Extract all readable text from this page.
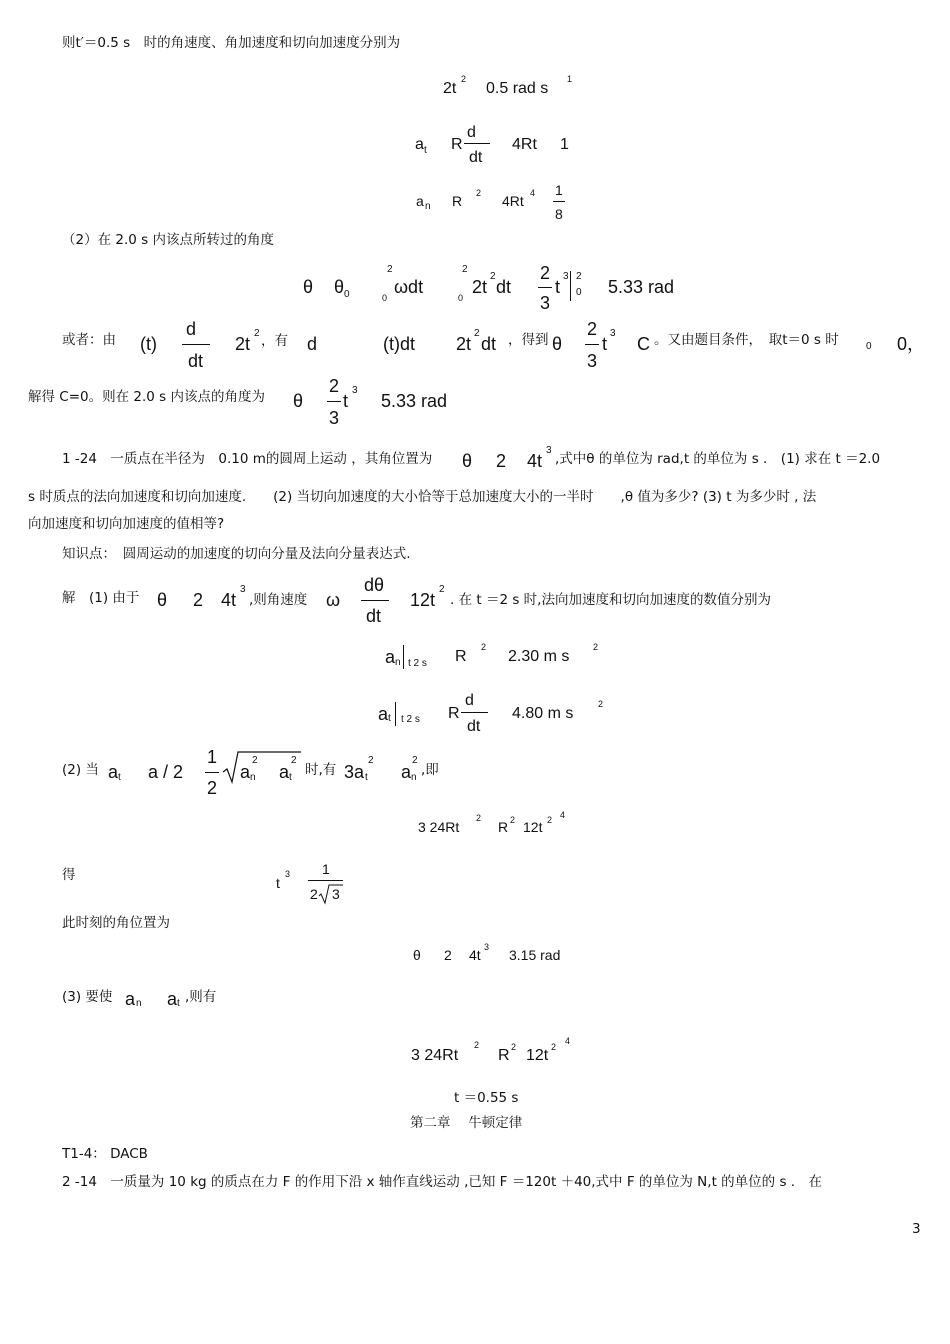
则t′＝0.5 s　时的角速度、角加速度和切向加速度分别为
2t
2
0.5 rad s
1
a t R
d
dt
4Rt 1
a n R 2 4Rt 4 1
8
（2）在 2.0 s 内该点所转过的角度
θ θ 0
2
0
ωdt
2
0
2t
2
dt
2
3
t
3 2
0 5.33 rad
或者：由 (t)
d
dt
2t
2 ，有 d	(t)dt 2t
2
dt ，得到 θ
2
3
t
3
C 。又由题目条件，　取t＝0 s 时	0 0，
解得 C=0。则在 2.0 s 内该点的角度为 θ
2
3
t
3
5.33 rad
1 -24　一质点在半径为　0.10 m的圆周上运动 ，其角位置为 θ 2 4t
3
,式中θ 的单位为 rad,t 的单位为 s .　(1) 求在 t ＝2.0
s 时质点的法向加速度和切向加速度.　　(2) 当切向加速度的大小恰等于总加速度大小的一半时　　,θ 值为多少? (3) t 为多少时 , 法
向加速度和切向加速度的值相等?
知识点：　圆周运动的加速度的切向分量及法向分量表达式.
解　(1) 由于 θ 2 4t
3
,则角速度 ω
dθ
dt
12t
2
. 在 t ＝2 s 时,法向加速度和切向加速度的数值分别为
a n t 2 s R
2
2.30 m s
2
a t t 2 s R
d
dt
4.80 m s
2
(2) 当 a t a / 2
1
2
a n
2
a t
2
时,有 3a t
2
a n
2
,即
3 24Rt
2
R 2 12t 2 4
得	t
3 1
2 3
此时刻的角位置为
θ 2 4t 3 3.15 rad
(3) 要使 a n a t ,则有
3 24Rt
2
R 2 12t 2
4
t ＝0.55 s
第二章　 牛顿定律
T1-4： DACB
2 -14　一质量为 10 kg 的质点在力 F 的作用下沿 x 轴作直线运动 ,已知 F ＝120t ＋40,式中 F 的单位为 N,t 的单位的 s .　在
3
